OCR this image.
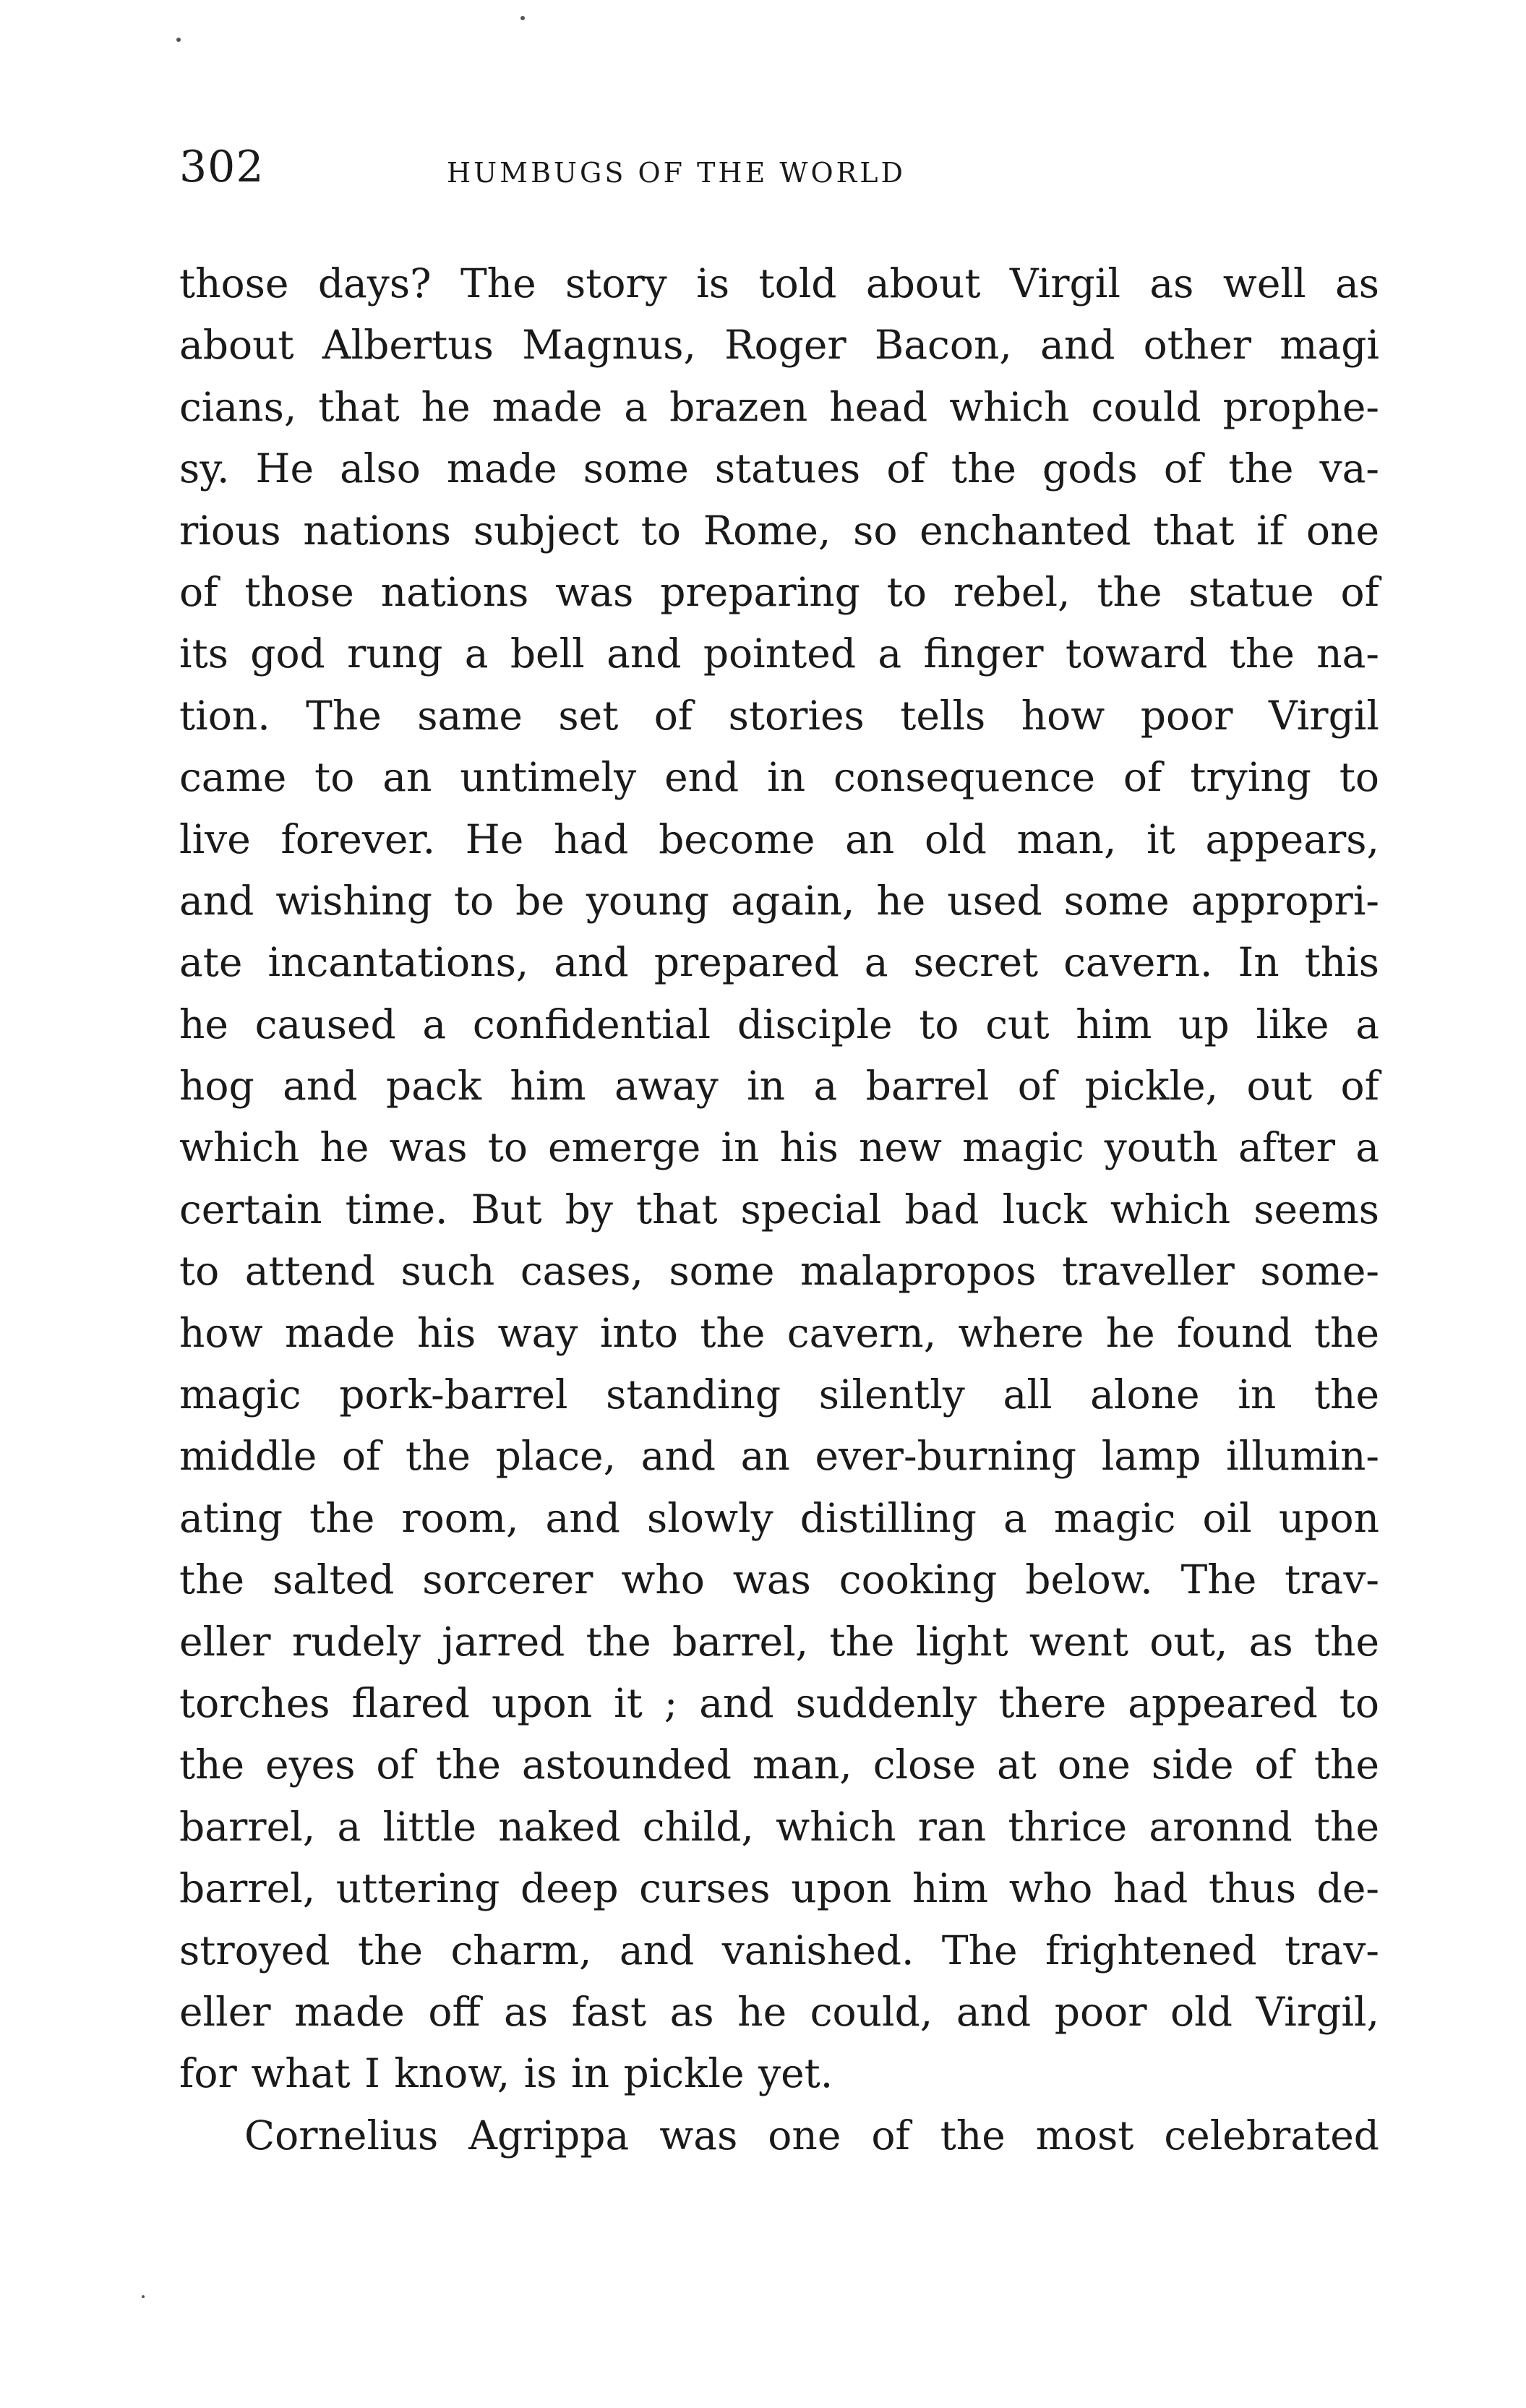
302	HUMBUGS OF THE WORLD
those days? The story is told about Virgil as well as
about Albertus Magnus, Roger Bacon, and other magi
cians, that he made a brazen head which could prophe-
sy. He also made some statues of the gods of the va-
rious nations subject to Rome, so enchanted that if one
of those nations was preparing to rebel, the statue of
its god rung a bell and pointed a finger toward the na-
tion. The same set of stories tells how poor Virgil
came to an untimely end in consequence of trying to
live forever. He had become an old man, it appears,
and wishing to be young again, he used some appropri-
ate incantations, and prepared a secret cavern. In this
he caused a confidential disciple to cut him up like a
hog and pack him away in a barrel of pickle, out of
which he was to emerge in his new magic youth after a
certain time. But by that special bad luck which seems
to attend such cases, some malapropos traveller some-
how made his way into the cavern, where he found the
magic pork-barrel standing silently all alone in the
middle of the place, and an ever-burning lamp illumin-
ating the room, and slowly distilling a magic oil upon
the salted sorcerer who was cooking below. The trav-
eller rudely jarred the barrel, the light went out, as the
torches flared upon it ; and suddenly there appeared to
the eyes of the astounded man, close at one side of the
barrel, a little naked child, which ran thrice aronnd the
barrel, uttering deep curses upon him who had thus de-
stroyed the charm, and vanished. The frightened trav-
eller made off as fast as he could, and poor old Virgil,
for what I know, is in pickle yet.
Cornelius Agrippa was one of the most celebrated
